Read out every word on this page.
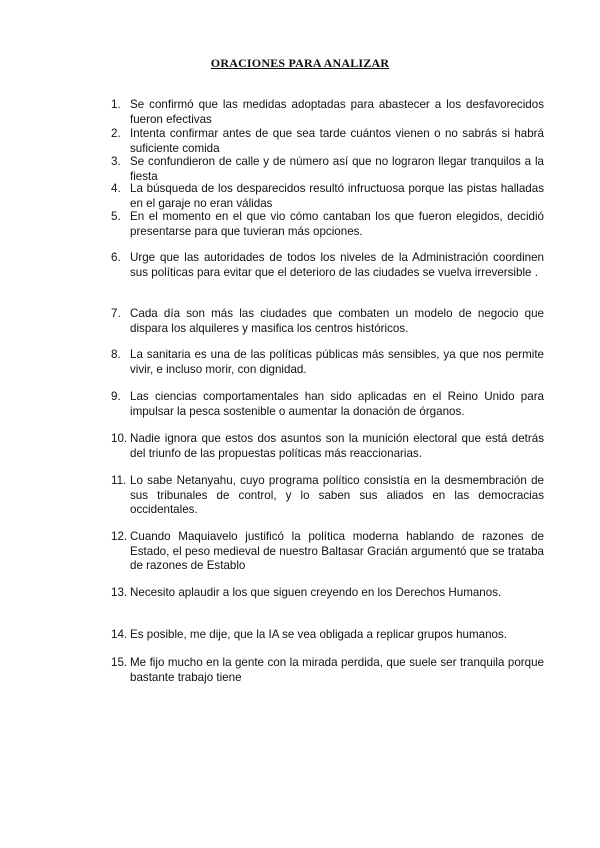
ORACIONES PARA ANALIZAR
1. Se confirmó que las medidas adoptadas para abastecer a los desfavorecidos fueron efectivas
2. Intenta confirmar antes de que sea tarde cuántos vienen o no sabrás si habrá suficiente comida
3. Se confundieron de calle y de número así que no lograron llegar tranquilos a la fiesta
4. La búsqueda de los desparecidos resultó infructuosa porque las pistas halladas en el garaje no eran válidas
5. En el momento en el que vio cómo cantaban los que fueron elegidos, decidió presentarse para que tuvieran más opciones.
6. Urge que las autoridades de todos los niveles de la Administración coordinen sus políticas para evitar que el deterioro de las ciudades se vuelva irreversible .
7. Cada día son más las ciudades que combaten un modelo de negocio que dispara los alquileres y masifica los centros históricos.
8. La sanitaria es una de las políticas públicas más sensibles, ya que nos permite vivir, e incluso morir, con dignidad.
9. Las ciencias comportamentales han sido aplicadas en el Reino Unido para impulsar la pesca sostenible o aumentar la donación de órganos.
10. Nadie ignora que estos dos asuntos son la munición electoral que está detrás del triunfo de las propuestas políticas más reaccionarias.
11. Lo sabe Netanyahu, cuyo programa político consistía en la desmembración de sus tribunales de control, y lo saben sus aliados en las democracias occidentales.
12. Cuando Maquiavelo justificó la política moderna hablando de razones de Estado, el peso medieval de nuestro Baltasar Gracián argumentó que se trataba de razones de Establo
13. Necesito aplaudir a los que siguen creyendo en los Derechos Humanos.
14. Es posible, me dije, que la IA se vea obligada a replicar grupos humanos.
15. Me fijo mucho en la gente con la mirada perdida, que suele ser tranquila porque bastante trabajo tiene
